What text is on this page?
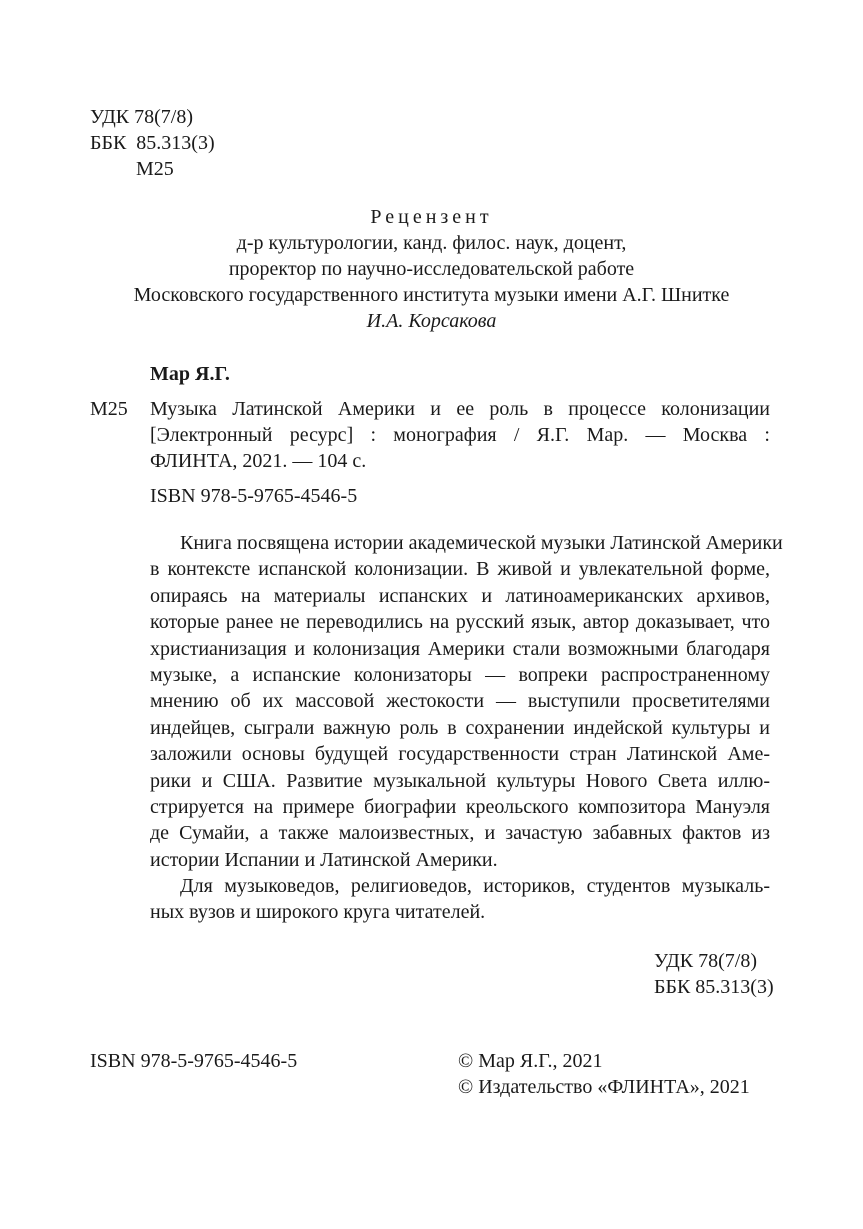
УДК 78(7/8)
ББК  85.313(3)
М25
Рецензент
д-р культурологии, канд. филос. наук, доцент,
проректор по научно-исследовательской работе
Московского государственного института музыки имени А.Г. Шнитке
И.А. Корсакова
Мар Я.Г.
М25 Музыка Латинской Америки и ее роль в процессе колонизации
[Электронный ресурс] : монография / Я.Г. Мар. — Москва :
ФЛИНТА, 2021. — 104 с.
ISBN 978-5-9765-4546-5
Книга посвящена истории академической музыки Латинской Америки
в контексте испанской колонизации. В живой и увлекательной форме,
опираясь на материалы испанских и латиноамериканских архивов,
которые ранее не переводились на русский язык, автор доказывает, что
христианизация и колонизация Америки стали возможными благодаря
музыке, а испанские колонизаторы — вопреки распространенному
мнению об их массовой жестокости — выступили просветителями
индейцев, сыграли важную роль в сохранении индейской культуры и
заложили основы будущей государственности стран Латинской Аме-
рики и США. Развитие музыкальной культуры Нового Света иллю-
стрируется на примере биографии креольского композитора Мануэля
де Сумайи, а также малоизвестных, и зачастую забавных фактов из
истории Испании и Латинской Америки.
Для музыковедов, религиоведов, историков, студентов музыкаль-
ных вузов и широкого круга читателей.
УДК 78(7/8)
ББК 85.313(3)
ISBN 978-5-9765-4546-5	© Мар Я.Г., 2021
© Издательство «ФЛИНТА», 2021
